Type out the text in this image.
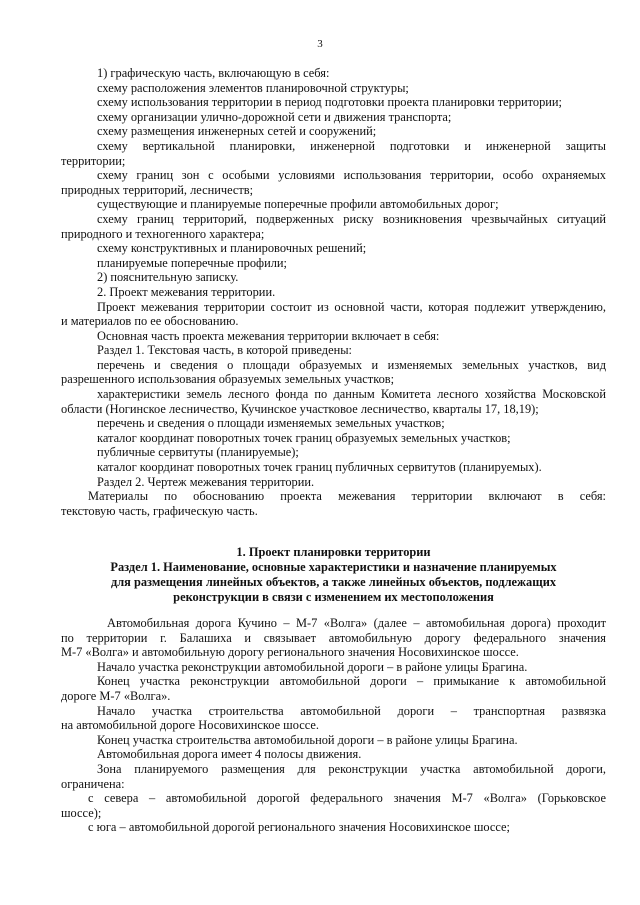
3
1) графическую часть, включающую в себя:
схему расположения элементов планировочной структуры;
схему использования территории в период подготовки проекта планировки территории;
схему организации улично-дорожной сети и движения транспорта;
схему размещения инженерных сетей и сооружений;
схему вертикальной планировки, инженерной подготовки и инженерной защиты
территории;
схему границ зон с особыми условиями использования территории, особо охраняемых
природных территорий, лесничеств;
существующие и планируемые поперечные профили автомобильных дорог;
схему границ территорий, подверженных риску возникновения чрезвычайных ситуаций
природного и техногенного характера;
схему конструктивных и планировочных решений;
планируемые поперечные профили;
2) пояснительную записку.
2. Проект межевания территории.
Проект межевания территории состоит из основной части, которая подлежит утверждению,
и материалов по ее обоснованию.
Основная часть проекта межевания территории включает в себя:
Раздел 1. Текстовая часть, в которой приведены:
перечень и сведения о площади образуемых и изменяемых земельных участков, вид
разрешенного использования образуемых земельных участков;
характеристики земель лесного фонда по данным Комитета лесного хозяйства Московской
области (Ногинское лесничество, Кучинское участковое лесничество, кварталы 17, 18,19);
перечень и сведения о площади изменяемых земельных участков;
каталог координат поворотных точек границ образуемых земельных участков;
публичные сервитуты (планируемые);
каталог координат поворотных точек границ публичных сервитутов (планируемых).
Раздел 2. Чертеж межевания территории.
Материалы по обоснованию проекта межевания территории включают в себя:
текстовую часть, графическую часть.
1. Проект планировки территории
Раздел 1. Наименование, основные характеристики и назначение планируемых
для размещения линейных объектов, а также линейных объектов, подлежащих
реконструкции в связи с изменением их местоположения
Автомобильная дорога Кучино – М-7 «Волга» (далее – автомобильная дорога) проходит
по территории г. Балашиха и связывает автомобильную дорогу федерального значения
М-7 «Волга» и автомобильную дорогу регионального значения Носовихинское шоссе.
Начало участка реконструкции автомобильной дороги – в районе улицы Брагина.
Конец участка реконструкции автомобильной дороги – примыкание к автомобильной
дороге М-7 «Волга».
Начало участка строительства автомобильной дороги – транспортная развязка
на автомобильной дороге Носовихинское шоссе.
Конец участка строительства автомобильной дороги – в районе улицы Брагина.
Автомобильная дорога имеет 4 полосы движения.
Зона планируемого размещения для реконструкции участка автомобильной дороги,
ограничена:
с севера – автомобильной дорогой федерального значения М-7 «Волга» (Горьковское
шоссе);
с юга – автомобильной дорогой регионального значения Носовихинское шоссе;
